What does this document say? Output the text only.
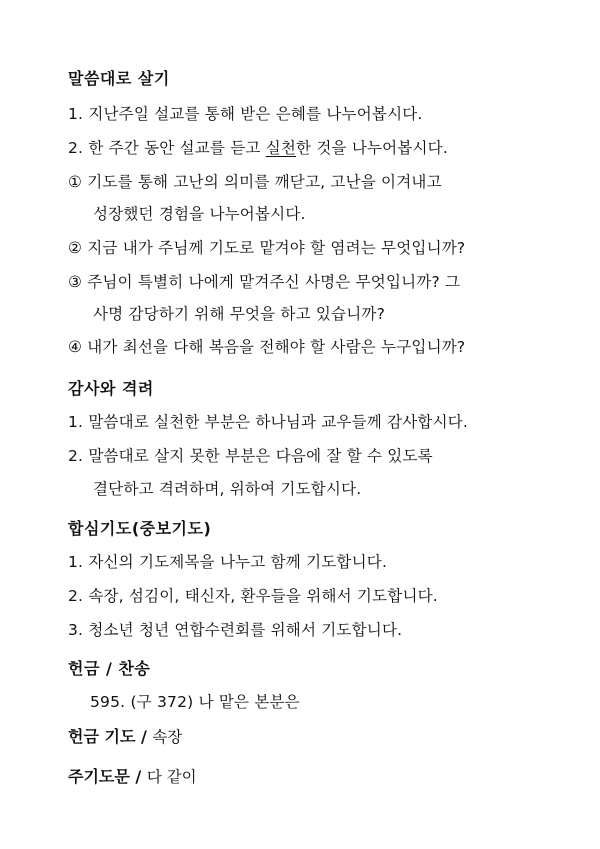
말씀대로 살기
1. 지난주일 설교를 통해 받은 은혜를 나누어봅시다.
2. 한 주간 동안 설교를 듣고 실천한 것을 나누어봅시다.
① 기도를 통해 고난의 의미를 깨닫고, 고난을 이겨내고
성장했던 경험을 나누어봅시다.
② 지금 내가 주님께 기도로 맡겨야 할 염려는 무엇입니까?
③ 주님이 특별히 나에게 맡겨주신 사명은 무엇입니까? 그
사명 감당하기 위해 무엇을 하고 있습니까?
④ 내가 최선을 다해 복음을 전해야 할 사람은 누구입니까?
감사와 격려
1. 말씀대로 실천한 부분은 하나님과 교우들께 감사합시다.
2. 말씀대로 살지 못한 부분은 다음에 잘 할 수 있도록
결단하고 격려하며, 위하여 기도합시다.
합심기도(중보기도)
1. 자신의 기도제목을 나누고 함께 기도합니다.
2. 속장, 섬김이, 태신자, 환우들을 위해서 기도합니다.
3. 청소년 청년 연합수련회를 위해서 기도합니다.
헌금 / 찬송
595. (구 372) 나 맡은 본분은
헌금 기도 / 속장
주기도문 / 다 같이
